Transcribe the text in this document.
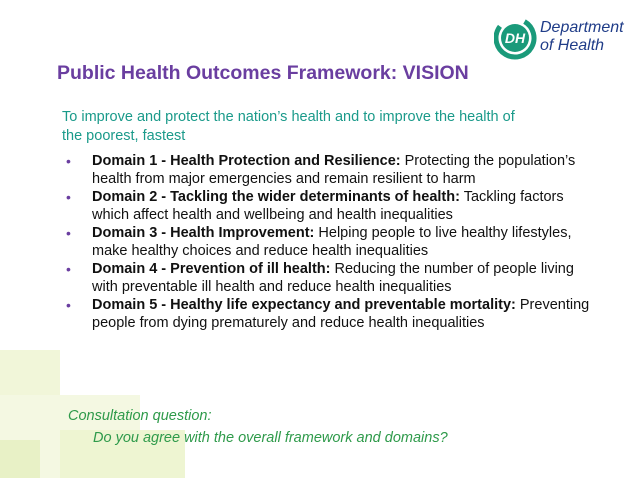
DH
Department
of Health
Public Health Outcomes Framework: VISION

To improve and protect the nation’s health and to improve the health of
the poorest, fastest

• Domain 1 - Health Protection and Resilience: Protecting the population’s health from major emergencies and remain resilient to harm
• Domain 2 - Tackling the wider determinants of health: Tackling factors which affect health and wellbeing and health inequalities
• Domain 3 - Health Improvement: Helping people to live healthy lifestyles, make healthy choices and reduce health inequalities
• Domain 4 - Prevention of ill health: Reducing the number of people living with preventable ill health and reduce health inequalities
• Domain 5 - Healthy life expectancy and preventable mortality: Preventing people from dying prematurely and reduce health inequalities

Consultation question:

Do you agree with the overall framework and domains?
